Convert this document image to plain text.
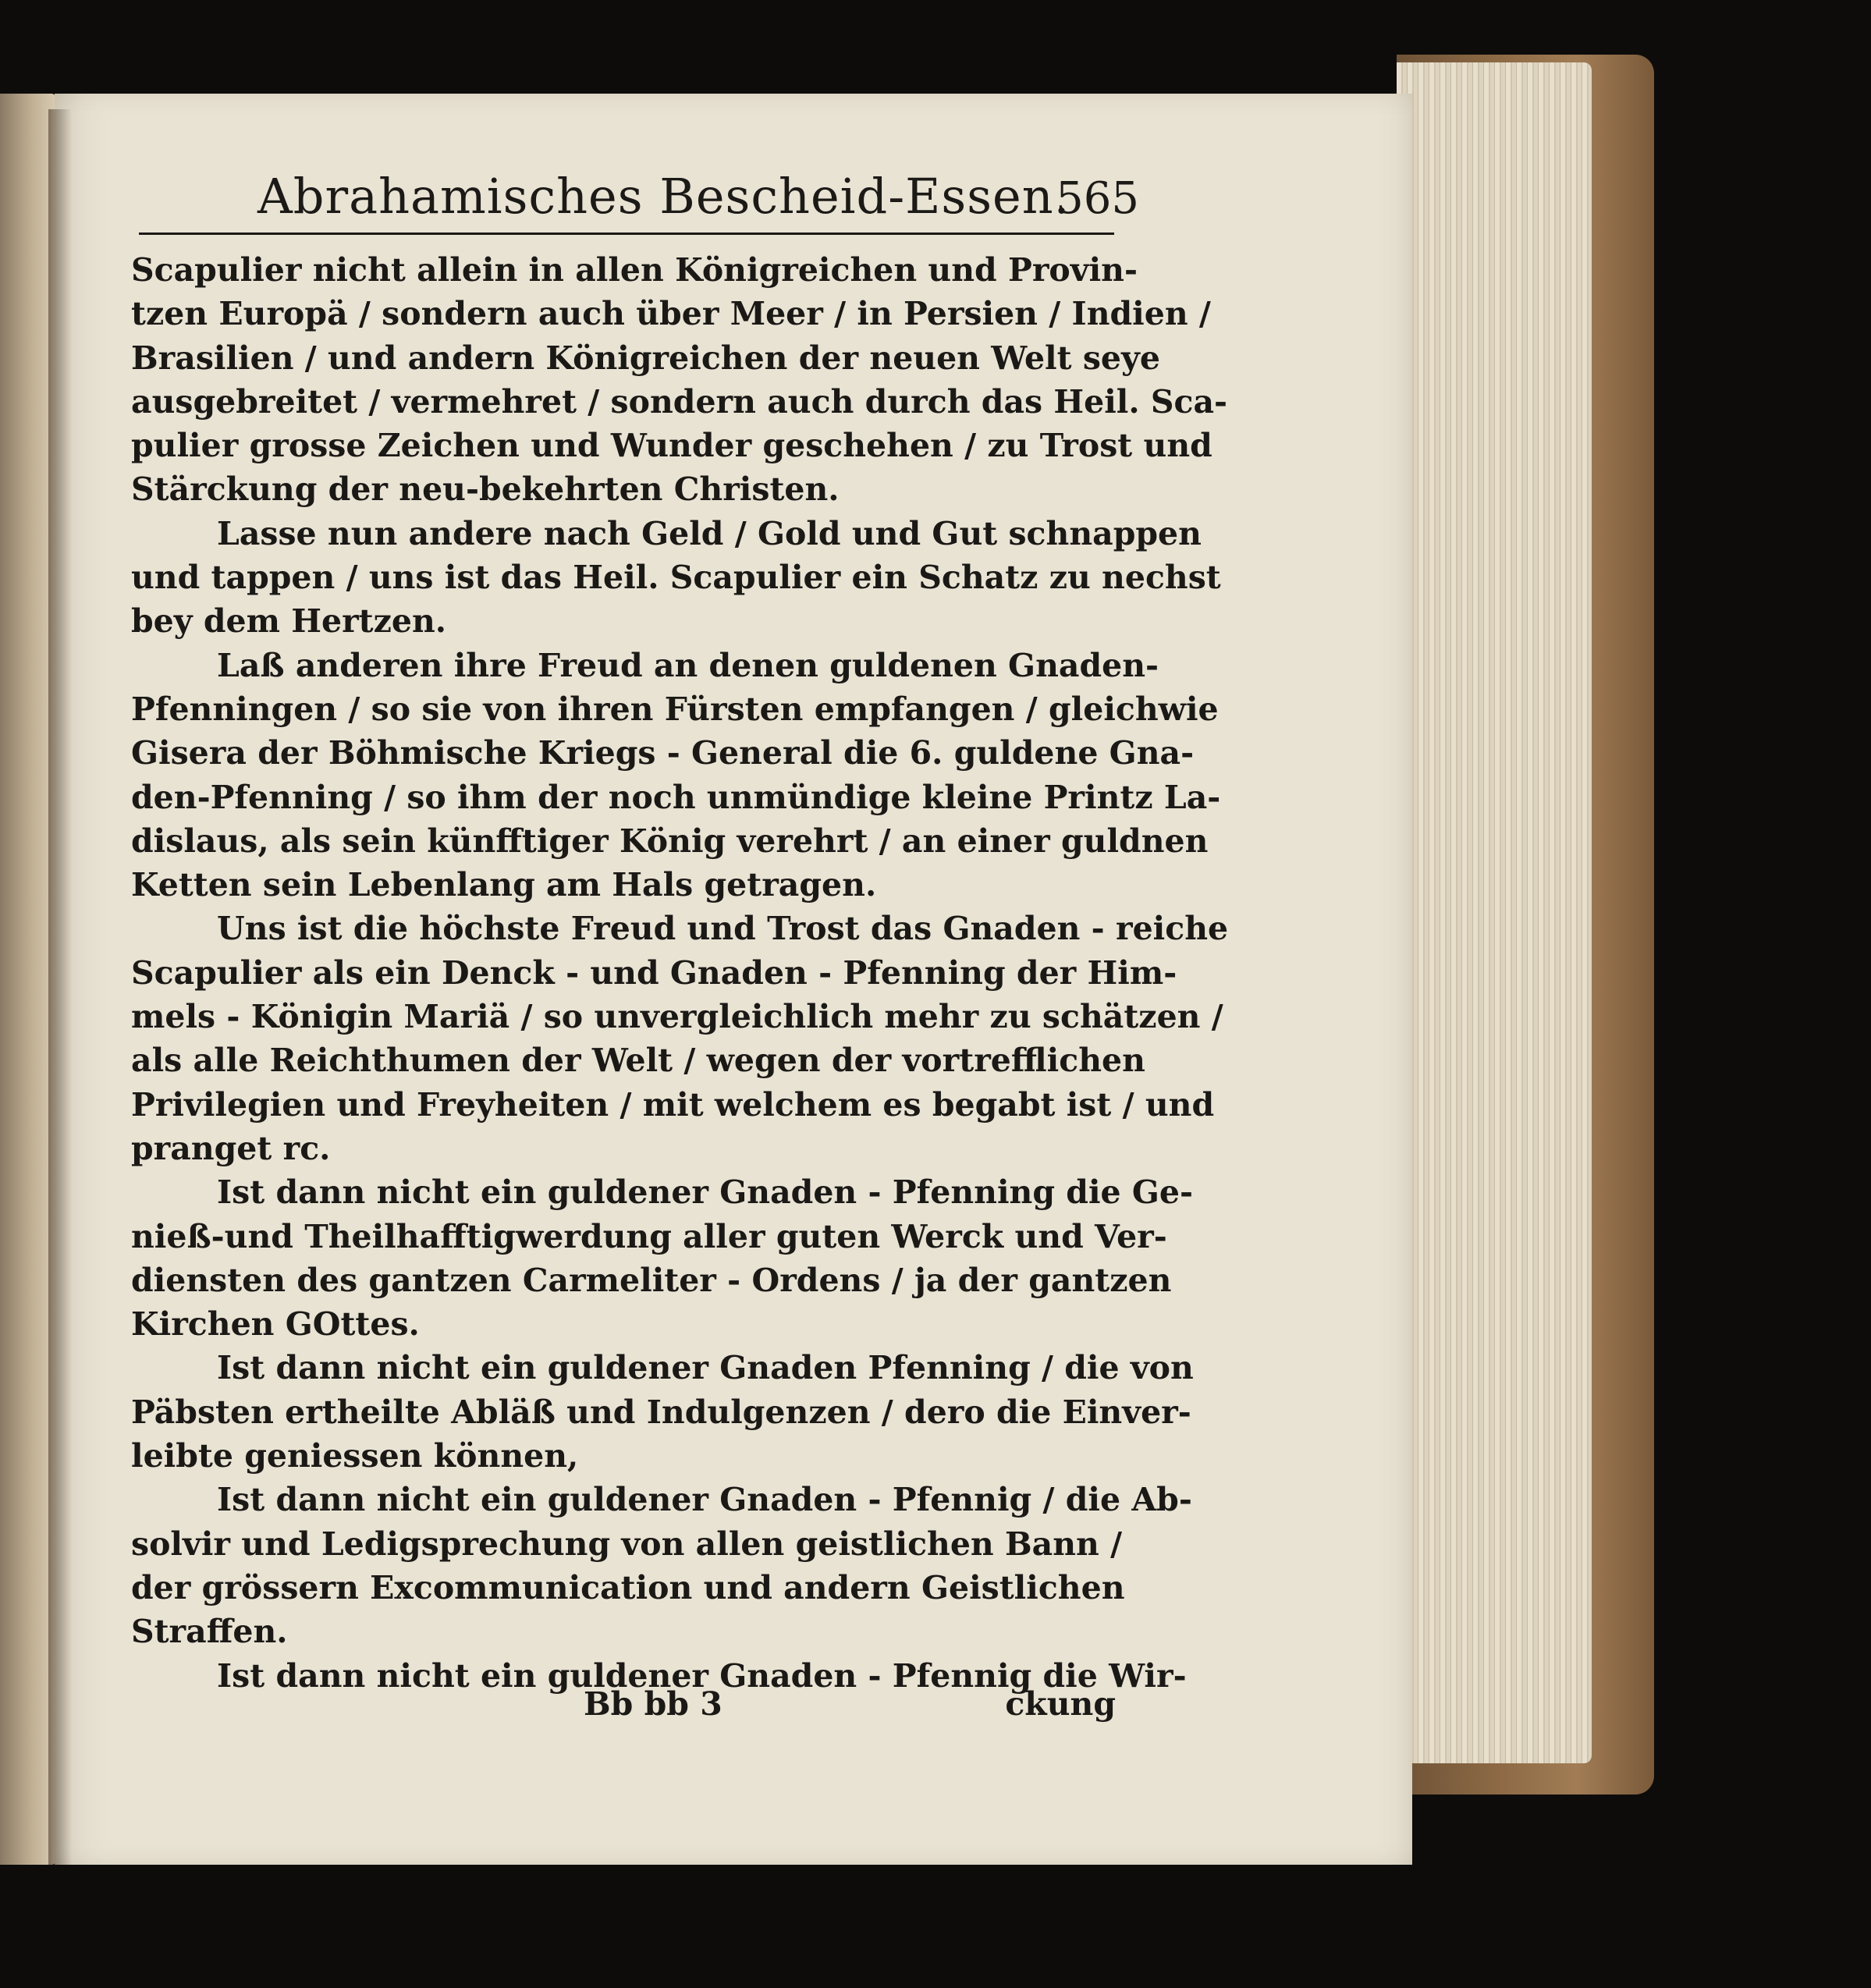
Abrahamisches Bescheid-Essen.
565
Scapulier nicht allein in allen Königreichen und Provin-
tzen Europä / sondern auch über Meer / in Persien / Indien /
Brasilien / und andern Königreichen der neuen Welt seye
ausgebreitet / vermehret / sondern auch durch das Heil. Sca-
pulier grosse Zeichen und Wunder geschehen / zu Trost und
Stärckung der neu-bekehrten Christen.
Lasse nun andere nach Geld / Gold und Gut schnappen
und tappen / uns ist das Heil. Scapulier ein Schatz zu nechst
bey dem Hertzen.
Laß anderen ihre Freud an denen guldenen Gnaden-
Pfenningen / so sie von ihren Fürsten empfangen / gleichwie
Gisera der Böhmische Kriegs - General die 6. guldene Gna-
den-Pfenning / so ihm der noch unmündige kleine Printz La-
dislaus, als sein künfftiger König verehrt / an einer guldnen
Ketten sein Lebenlang am Hals getragen.
Uns ist die höchste Freud und Trost das Gnaden - reiche
Scapulier als ein Denck - und Gnaden - Pfenning der Him-
mels - Königin Mariä / so unvergleichlich mehr zu schätzen /
als alle Reichthumen der Welt / wegen der vortrefflichen
Privilegien und Freyheiten / mit welchem es begabt ist / und
pranget rc.
Ist dann nicht ein guldener Gnaden - Pfenning die Ge-
nieß-und Theilhafftigwerdung aller guten Werck und Ver-
diensten des gantzen Carmeliter - Ordens / ja der gantzen
Kirchen GOttes.
Ist dann nicht ein guldener Gnaden Pfenning / die von
Päbsten ertheilte Abläß und Indulgenzen / dero die Einver-
leibte geniessen können,
Ist dann nicht ein guldener Gnaden - Pfennig / die Ab-
solvir und Ledigsprechung von allen geistlichen Bann /
der grössern Excommunication und andern Geistlichen
Straffen.
Ist dann nicht ein guldener Gnaden - Pfennig die Wir-
Bb bb 3	ckung
